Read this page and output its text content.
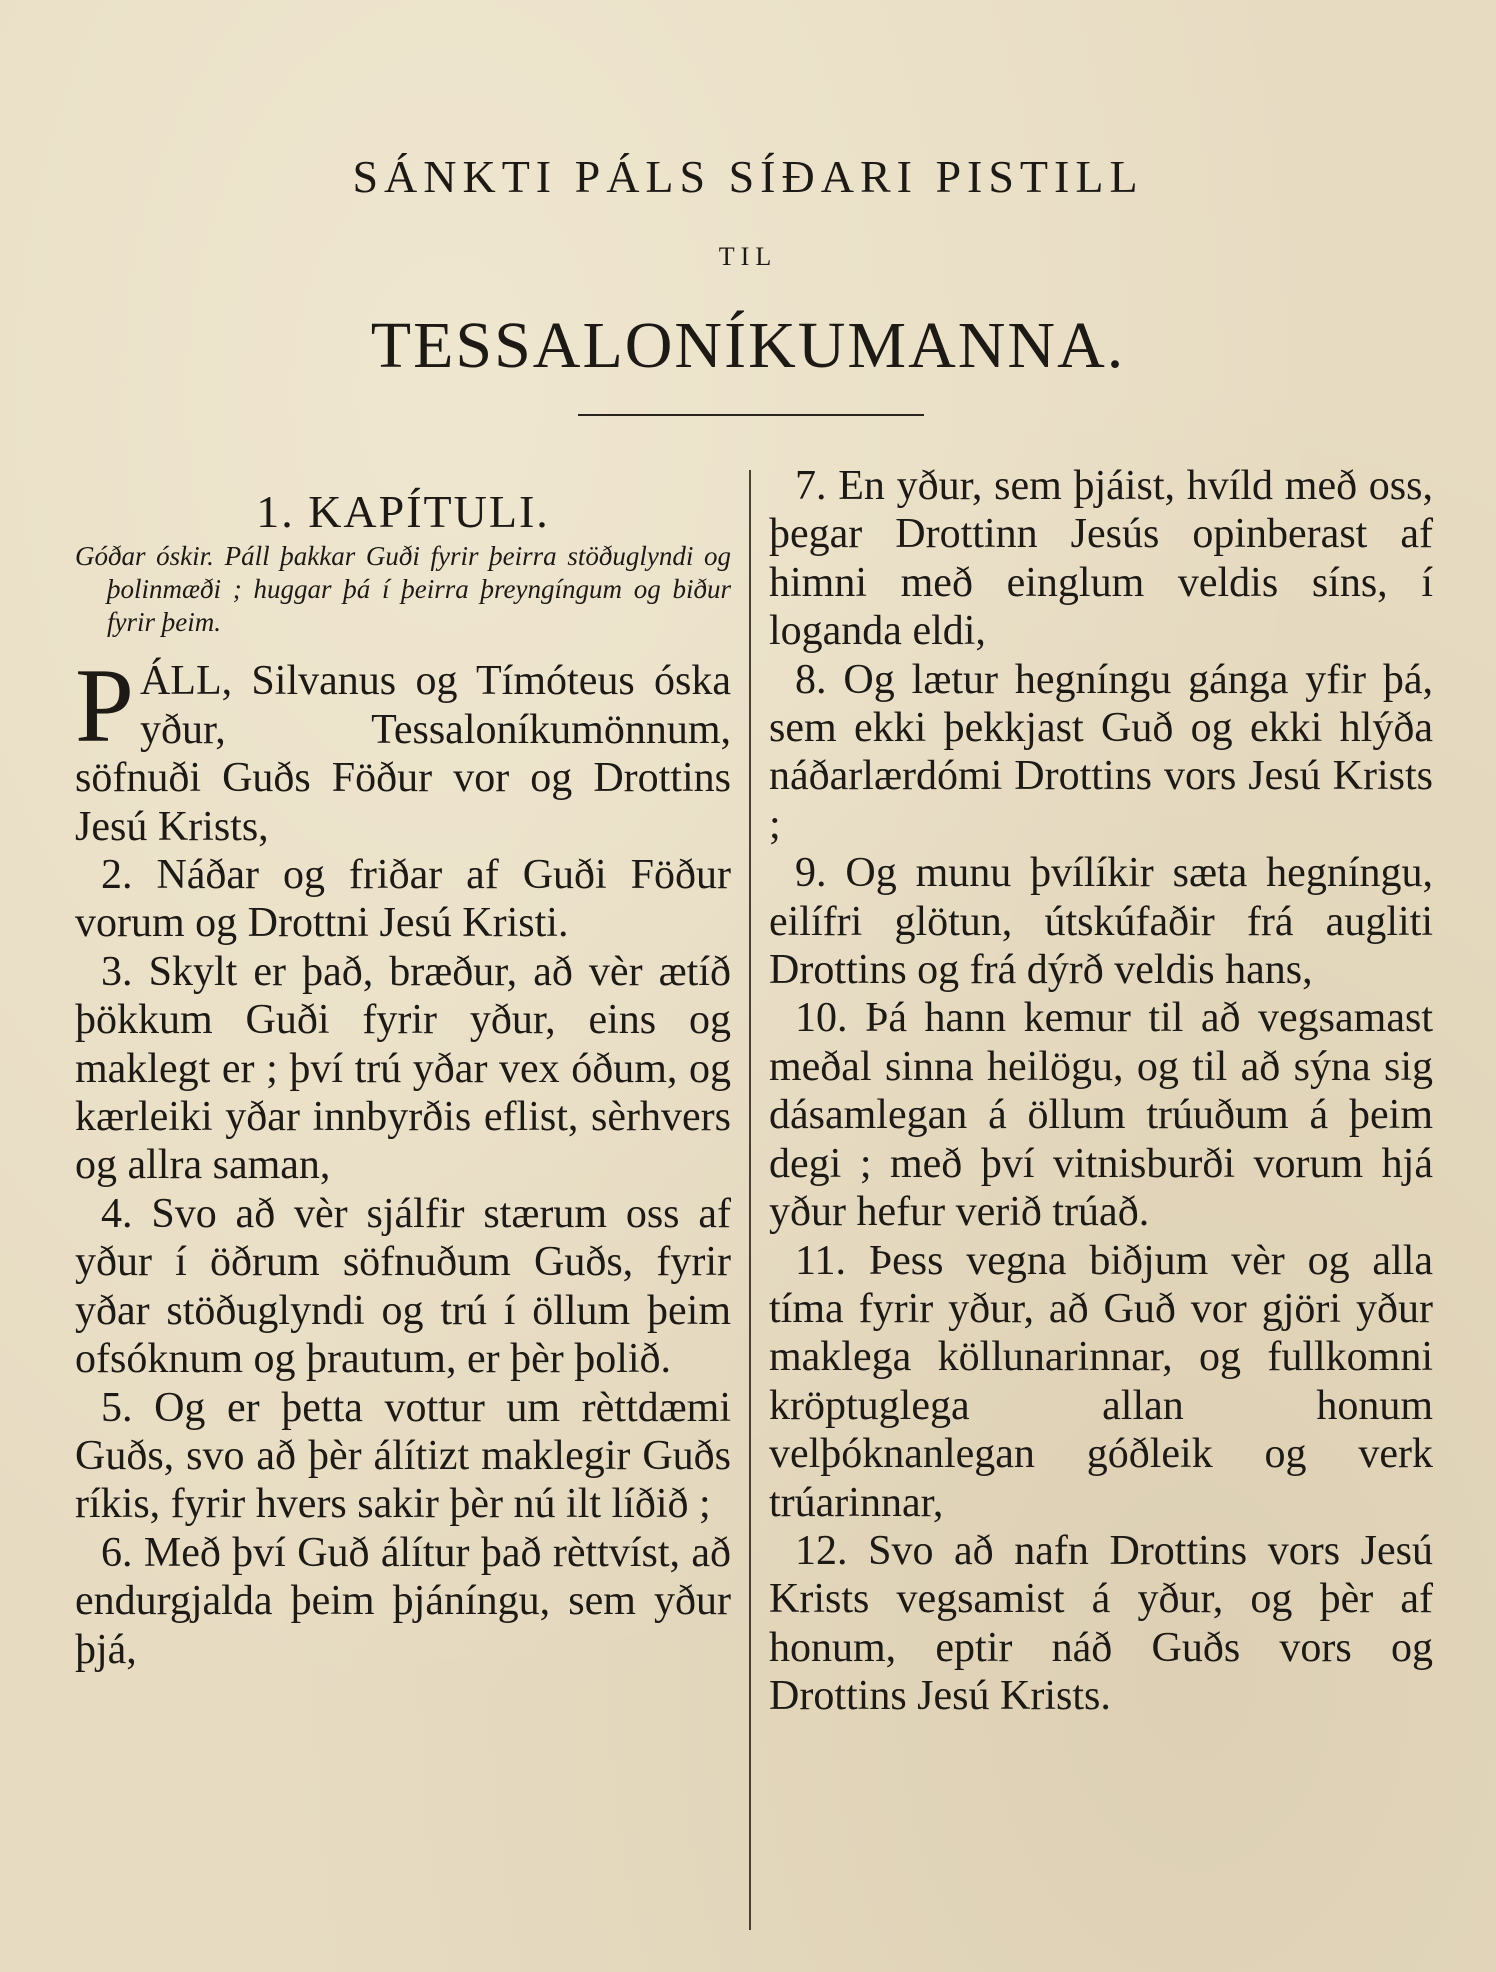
SÁNKTI PÁLS SÍÐARI PISTILL
TIL
TESSALONÍKUMANNA.
1. KAPÍTULI.

Góðar óskir. Páll þakkar Guði fyrir þeirra stöðuglyndi og þolinmæði ; huggar þá í þeirra þreyngíngum og biður fyrir þeim.

PÁLL, Silvanus og Tímóteus óska yður, Tessaloníkumönnum, söfnuði Guðs Föður vor og Drottins Jesú Krists,

2. Náðar og friðar af Guði Föður vorum og Drottni Jesú Kristi.

3. Skylt er það, bræður, að vèr ætíð þökkum Guði fyrir yður, eins og maklegt er ; því trú yðar vex óðum, og kærleiki yðar innbyrðis eflist, sèrhvers og allra saman,

4. Svo að vèr sjálfir stærum oss af yður í öðrum söfnuðum Guðs, fyrir yðar stöðuglyndi og trú í öllum þeim ofsóknum og þrautum, er þèr þolið.

5. Og er þetta vottur um rèttdæmi Guðs, svo að þèr álítizt maklegir Guðs ríkis, fyrir hvers sakir þèr nú ilt líðið ;

6. Með því Guð álítur það rèttvíst, að endurgjalda þeim þjáníngu, sem yður þjá,

7. En yður, sem þjáist, hvíld með oss, þegar Drottinn Jesús opinberast af himni með einglum veldis síns, í loganda eldi,

8. Og lætur hegníngu gánga yfir þá, sem ekki þekkjast Guð og ekki hlýða náðarlærdómi Drottins vors Jesú Krists ;

9. Og munu þvílíkir sæta hegníngu, eilífri glötun, útskúfaðir frá augliti Drottins og frá dýrð veldis hans,

10. Þá hann kemur til að vegsamast meðal sinna heilögu, og til að sýna sig dásamlegan á öllum trúuðum á þeim degi ; með því vitnisburði vorum hjá yður hefur verið trúað.

11. Þess vegna biðjum vèr og alla tíma fyrir yður, að Guð vor gjöri yður maklega köllunarinnar, og fullkomni kröptuglega allan honum velþóknanlegan góðleik og verk trúarinnar,

12. Svo að nafn Drottins vors Jesú Krists vegsamist á yður, og þèr af honum, eptir náð Guðs vors og Drottins Jesú Krists.
